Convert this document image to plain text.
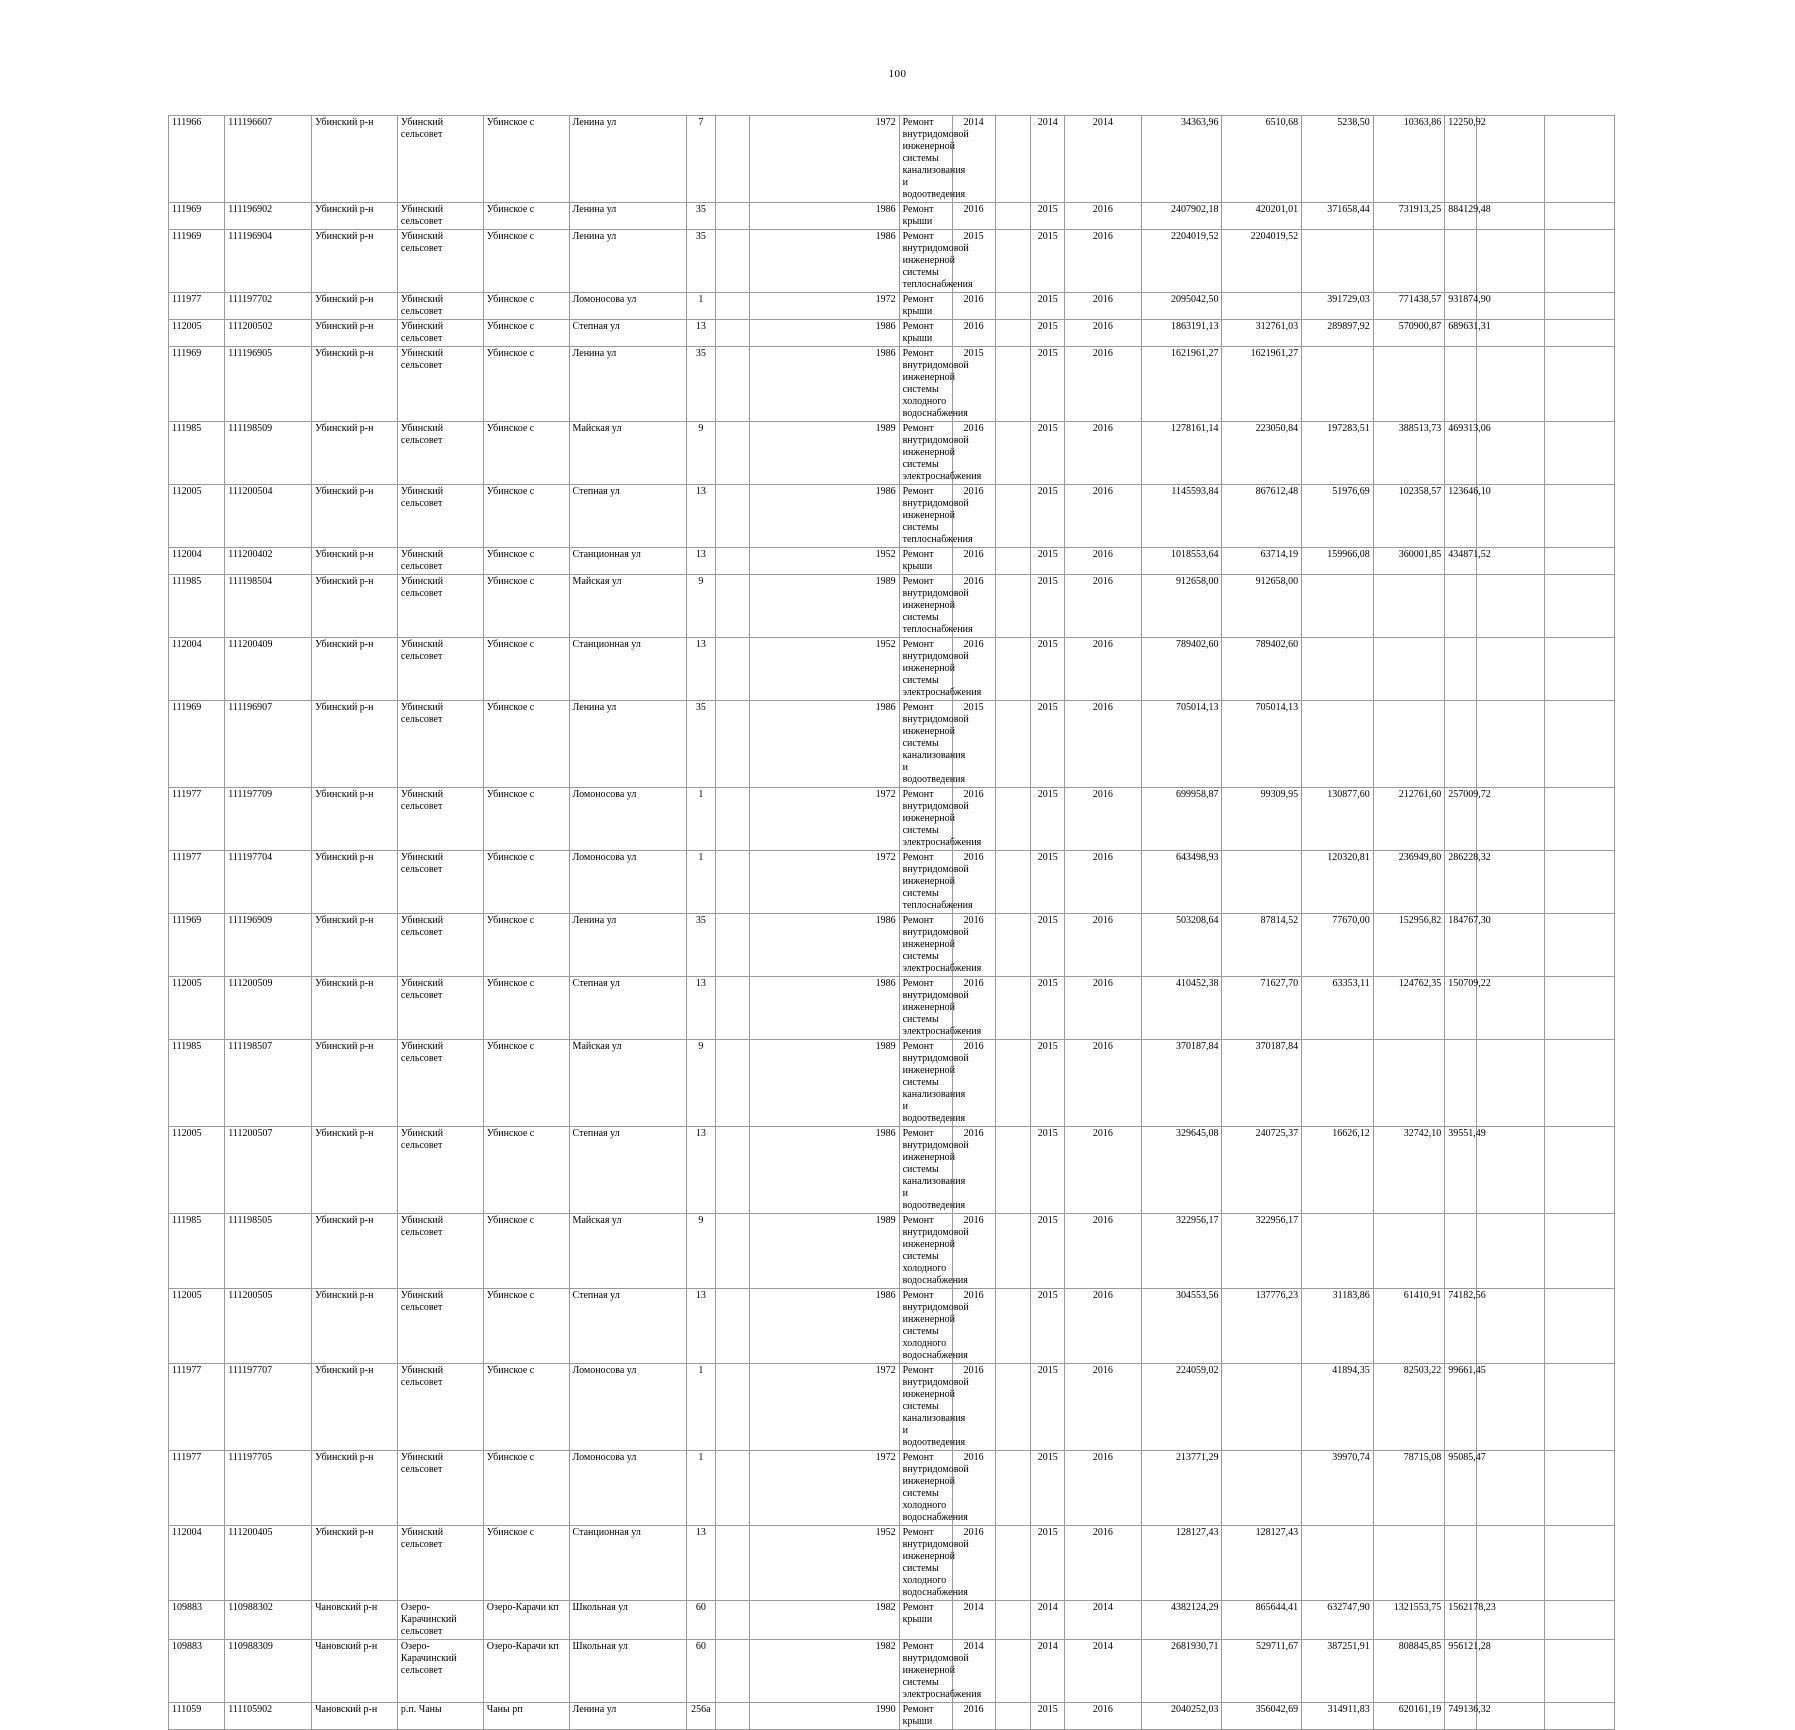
100
111966	111196607	Убинский р-н	Убинский сельсовет	Убинское с	Ленина ул	7		1972	Ремонт внутридомовой инженерной системы канализования и водоотведения	2014		2014	2014	34363,96	6510,68	5238,50	10363,86	12250,92		
111969	111196902	Убинский р-н	Убинский сельсовет	Убинское с	Ленина ул	35		1986	Ремонт крыши	2016		2015	2016	2407902,18	420201,01	371658,44	731913,25	884129,48		
111969	111196904	Убинский р-н	Убинский сельсовет	Убинское с	Ленина ул	35		1986	Ремонт внутридомовой инженерной системы теплоснабжения	2015		2015	2016	2204019,52	2204019,52					
111977	111197702	Убинский р-н	Убинский сельсовет	Убинское с	Ломоносова ул	1		1972	Ремонт крыши	2016		2015	2016	2095042,50		391729,03	771438,57	931874,90		
112005	111200502	Убинский р-н	Убинский сельсовет	Убинское с	Степная ул	13		1986	Ремонт крыши	2016		2015	2016	1863191,13	312761,03	289897,92	570900,87	689631,31		
111969	111196905	Убинский р-н	Убинский сельсовет	Убинское с	Ленина ул	35		1986	Ремонт внутридомовой инженерной системы холодного водоснабжения	2015		2015	2016	1621961,27	1621961,27					
111985	111198509	Убинский р-н	Убинский сельсовет	Убинское с	Майская ул	9		1989	Ремонт внутридомовой инженерной системы электроснабжения	2016		2015	2016	1278161,14	223050,84	197283,51	388513,73	469313,06		
112005	111200504	Убинский р-н	Убинский сельсовет	Убинское с	Степная ул	13		1986	Ремонт внутридомовой инженерной системы теплоснабжения	2016		2015	2016	1145593,84	867612,48	51976,69	102358,57	123646,10		
112004	111200402	Убинский р-н	Убинский сельсовет	Убинское с	Станционная ул	13		1952	Ремонт крыши	2016		2015	2016	1018553,64	63714,19	159966,08	360001,85	434871,52		
111985	111198504	Убинский р-н	Убинский сельсовет	Убинское с	Майская ул	9		1989	Ремонт внутридомовой инженерной системы теплоснабжения	2016		2015	2016	912658,00	912658,00					
112004	111200409	Убинский р-н	Убинский сельсовет	Убинское с	Станционная ул	13		1952	Ремонт внутридомовой инженерной системы электроснабжения	2016		2015	2016	789402,60	789402,60					
111969	111196907	Убинский р-н	Убинский сельсовет	Убинское с	Ленина ул	35		1986	Ремонт внутридомовой инженерной системы канализования и водоотведения	2015		2015	2016	705014,13	705014,13					
111977	111197709	Убинский р-н	Убинский сельсовет	Убинское с	Ломоносова ул	1		1972	Ремонт внутридомовой инженерной системы электроснабжения	2016		2015	2016	699958,87	99309,95	130877,60	212761,60	257009,72		
111977	111197704	Убинский р-н	Убинский сельсовет	Убинское с	Ломоносова ул	1		1972	Ремонт внутридомовой инженерной системы теплоснабжения	2016		2015	2016	643498,93		120320,81	236949,80	286228,32		
111969	111196909	Убинский р-н	Убинский сельсовет	Убинское с	Ленина ул	35		1986	Ремонт внутридомовой инженерной системы электроснабжения	2016		2015	2016	503208,64	87814,52	77670,00	152956,82	184767,30		
112005	111200509	Убинский р-н	Убинский сельсовет	Убинское с	Степная ул	13		1986	Ремонт внутридомовой инженерной системы электроснабжения	2016		2015	2016	410452,38	71627,70	63353,11	124762,35	150709,22		
111985	111198507	Убинский р-н	Убинский сельсовет	Убинское с	Майская ул	9		1989	Ремонт внутридомовой инженерной системы канализования и водоотведения	2016		2015	2016	370187,84	370187,84					
112005	111200507	Убинский р-н	Убинский сельсовет	Убинское с	Степная ул	13		1986	Ремонт внутридомовой инженерной системы канализования и водоотведения	2016		2015	2016	329645,08	240725,37	16626,12	32742,10	39551,49		
111985	111198505	Убинский р-н	Убинский сельсовет	Убинское с	Майская ул	9		1989	Ремонт внутридомовой инженерной системы холодного водоснабжения	2016		2015	2016	322956,17	322956,17					
112005	111200505	Убинский р-н	Убинский сельсовет	Убинское с	Степная ул	13		1986	Ремонт внутридомовой инженерной системы холодного водоснабжения	2016		2015	2016	304553,56	137776,23	31183,86	61410,91	74182,56		
111977	111197707	Убинский р-н	Убинский сельсовет	Убинское с	Ломоносова ул	1		1972	Ремонт внутридомовой инженерной системы канализования и водоотведения	2016		2015	2016	224059,02		41894,35	82503,22	99661,45		
111977	111197705	Убинский р-н	Убинский сельсовет	Убинское с	Ломоносова ул	1		1972	Ремонт внутридомовой инженерной системы холодного водоснабжения	2016		2015	2016	213771,29		39970,74	78715,08	95085,47		
112004	111200405	Убинский р-н	Убинский сельсовет	Убинское с	Станционная ул	13		1952	Ремонт внутридомовой инженерной системы холодного водоснабжения	2016		2015	2016	128127,43	128127,43					
109883	110988302	Чановский р-н	Озеро-Карачинский сельсовет	Озеро-Карачи кп	Школьная ул	60		1982	Ремонт крыши	2014		2014	2014	4382124,29	865644,41	632747,90	1321553,75	1562178,23		
109883	110988309	Чановский р-н	Озеро-Карачинский сельсовет	Озеро-Карачи кп	Школьная ул	60		1982	Ремонт внутридомовой инженерной системы электроснабжения	2014		2014	2014	2681930,71	529711,67	387251,91	808845,85	956121,28		
111059	111105902	Чановский р-н	р.п. Чаны	Чаны рп	Ленина ул	256а		1990	Ремонт крыши	2016		2015	2016	2040252,03	356042,69	314911,83	620161,19	749136,32		
